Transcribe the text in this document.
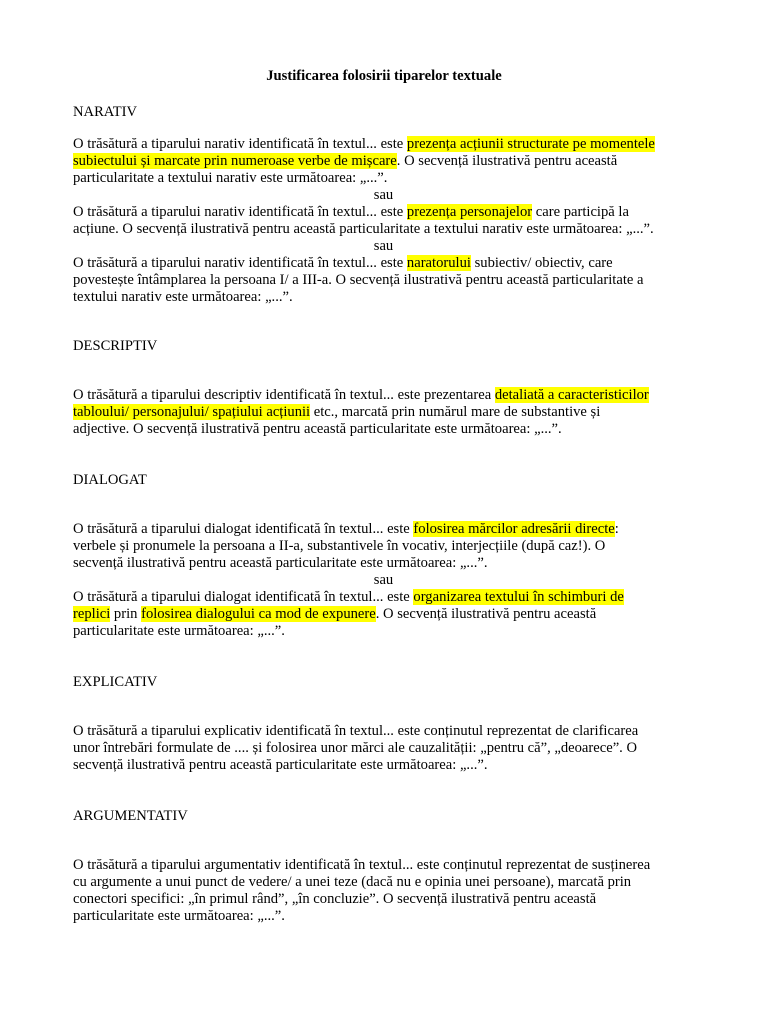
Justificarea folosirii tiparelor textuale
NARATIV
O trăsătură a tiparului narativ identificată în textul... este prezența acțiunii structurate pe momentele
subiectului și marcate prin numeroase verbe de mișcare. O secvență ilustrativă pentru această
particularitate a textului narativ este următoarea: „...”.
sau
O trăsătură a tiparului narativ identificată în textul... este prezența personajelor care participă la
acțiune. O secvență ilustrativă pentru această particularitate a textului narativ este următoarea: „...”.
sau
O trăsătură a tiparului narativ identificată în textul... este naratorului subiectiv/ obiectiv, care
povestește întâmplarea la persoana I/ a III-a. O secvență ilustrativă pentru această particularitate a
textului narativ este următoarea: „...”.
DESCRIPTIV
O trăsătură a tiparului descriptiv identificată în textul... este prezentarea detaliată a caracteristicilor
tabloului/ personajului/ spațiului acțiunii etc., marcată prin numărul mare de substantive și
adjective. O secvență ilustrativă pentru această particularitate este următoarea: „...”.
DIALOGAT
O trăsătură a tiparului dialogat identificată în textul... este folosirea mărcilor adresării directe:
verbele și pronumele la persoana a II-a, substantivele în vocativ, interjecțiile (după caz!). O
secvență ilustrativă pentru această particularitate este următoarea: „...”.
sau
O trăsătură a tiparului dialogat identificată în textul... este organizarea textului în schimburi de
replici prin folosirea dialogului ca mod de expunere. O secvență ilustrativă pentru această
particularitate este următoarea: „...”.
EXPLICATIV
O trăsătură a tiparului explicativ identificată în textul... este conținutul reprezentat de clarificarea
unor întrebări formulate de .... și folosirea unor mărci ale cauzalității: „pentru că”, „deoarece”. O
secvență ilustrativă pentru această particularitate este următoarea: „...”.
ARGUMENTATIV
O trăsătură a tiparului argumentativ identificată în textul... este conținutul reprezentat de susținerea
cu argumente a unui punct de vedere/ a unei teze (dacă nu e opinia unei persoane), marcată prin
conectori specifici: „în primul rând”, „în concluzie”. O secvență ilustrativă pentru această
particularitate este următoarea: „...”.
